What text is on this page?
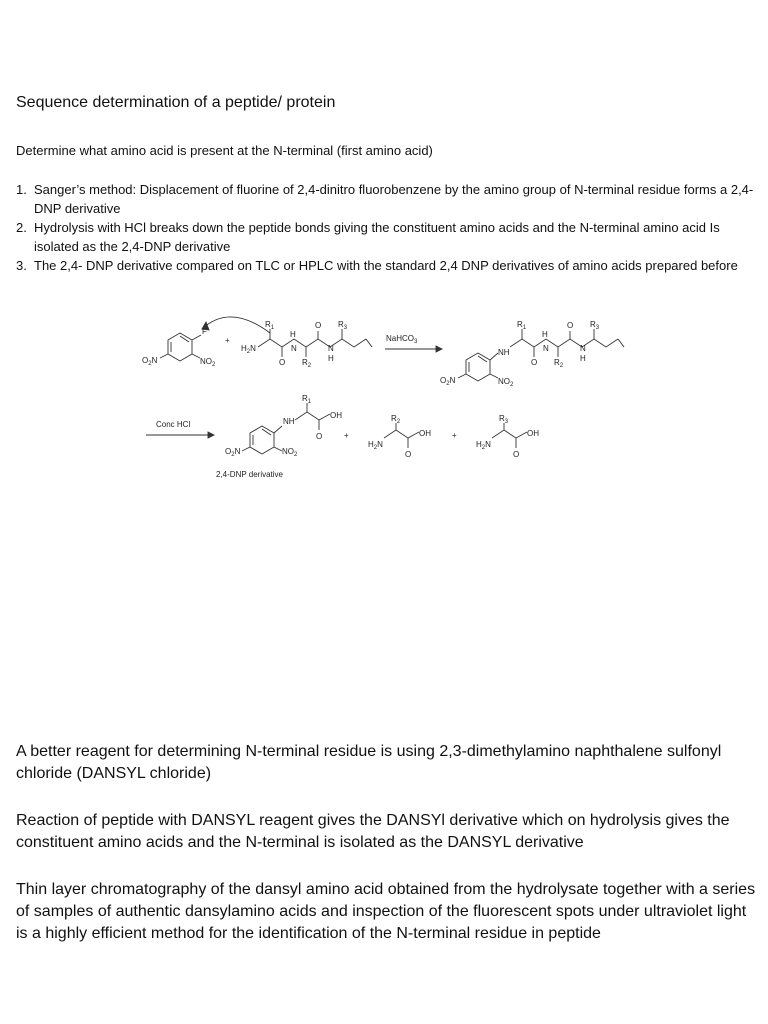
Sequence determination of a peptide/ protein
Determine what amino acid is present at the N-terminal (first amino acid)
1. Sanger’s method: Displacement of fluorine of 2,4-dinitro fluorobenzene by the amino group of N-terminal residue forms a 2,4-DNP derivative
2. Hydrolysis with HCl breaks down the peptide bonds giving the constituent amino acids and the N-terminal amino acid Is isolated as the 2,4-DNP derivative
3. The 2,4- DNP derivative compared on TLC or HPLC with the standard 2,4 DNP derivatives of amino acids prepared before
F
$O_2N$	$NO_2$
+
$H_2N$
$R_1$
O
H
N
O
$R_2$
N
H
$R_3$
NaHCO$_3$
$O_2N$	$NO_2$
NH
$R_1$
O
H
N
O
$R_2$
N
H
$R_3$
Conc HCl
$O_2N$	$NO_2$
NH
$R_1$
OH
O	+
$H_2N$
$R_2$
OH
O
+
$H_2N$
$R_3$
OH
O
2,4-DNP derivative

A better reagent for determining N-terminal residue is using 2,3-dimethylamino naphthalene sulfonyl chloride (DANSYL chloride)

Reaction of peptide with DANSYL reagent gives the DANSYl derivative which on hydrolysis gives the constituent amino acids and the N-terminal is isolated as the DANSYL derivative

Thin layer chromatography of the dansyl amino acid obtained from the hydrolysate together with a series of samples of authentic dansylamino acids and inspection of the fluorescent spots under ultraviolet light is a highly efficient method for the identification of the N-terminal residue in peptide
